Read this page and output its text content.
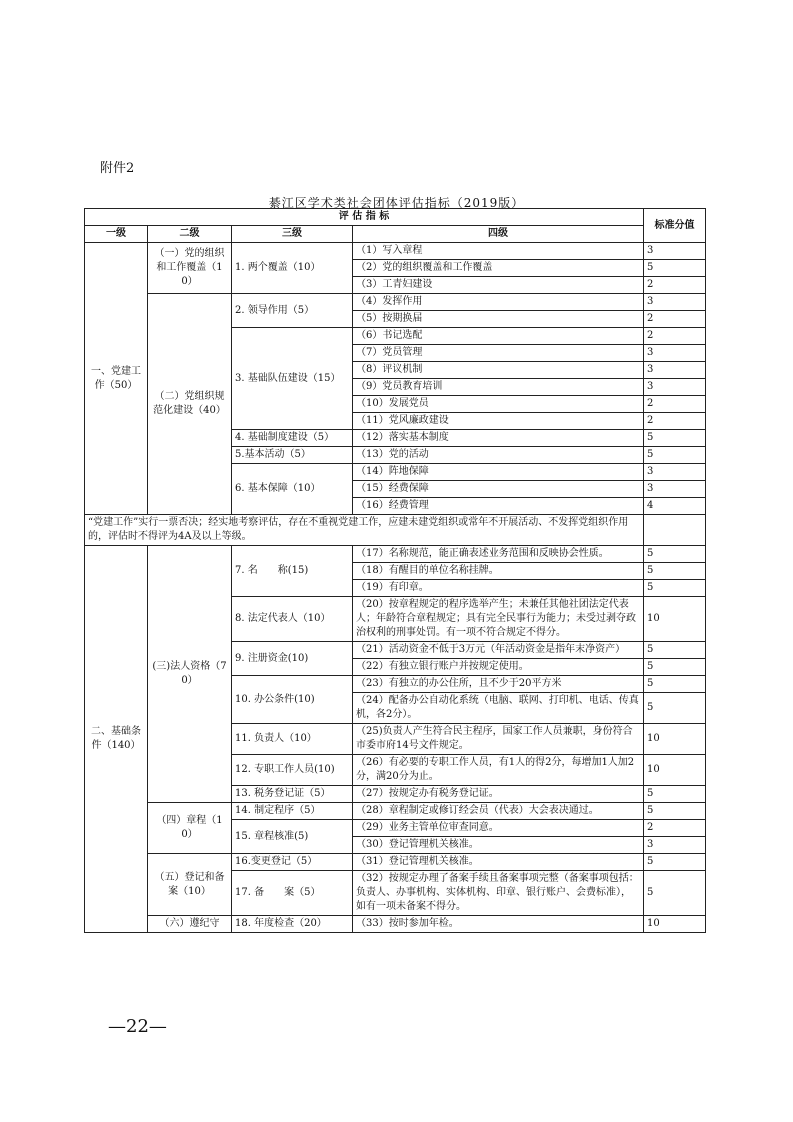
附件2
綦江区学术类社会团体评估指标（2019版）
评 估 指 标				标准分值
一级	二级	三级	四级	
一、党建工作（50）	（一）党的组织和工作覆盖（10）	1. 两个覆盖（10）	（1）写入章程	3
			（2）党的组织覆盖和工作覆盖	5
			（3）工青妇建设	2
	（二）党组织规范化建设（40）	2. 领导作用（5）	（4）发挥作用	3
			（5）按期换届	2
		3. 基础队伍建设（15）	（6）书记选配	2
			（7）党员管理	3
			（8）评议机制	3
			（9）党员教育培训	3
			（10）发展党员	2
			（11）党风廉政建设	2
		4. 基础制度建设（5）	（12）落实基本制度	5
		5.基本活动（5）	（13）党的活动	5
		6. 基本保障（10）	（14）阵地保障	3
			（15）经费保障	3
			（16）经费管理	4
“党建工作”实行一票否决；经实地考察评估，存在不重视党建工作，应建未建党组织或常年不开展活动、不发挥党组织作用的，评估时不得评为4A及以上等级。				
二、基础条件（140）	(三)法人资格（70）	7. 名　　称(15)	（17）名称规范，能正确表述业务范围和反映协会性质。	5
			（18）有醒目的单位名称挂牌。	5
			（19）有印章。	5
		8. 法定代表人（10）	（20）按章程规定的程序选举产生；未兼任其他社团法定代表人；年龄符合章程规定；具有完全民事行为能力；未受过剥夺政治权利的刑事处罚。有一项不符合规定不得分。	10
		9. 注册资金(10)	（21）活动资金不低于3万元（年活动资金是指年末净资产）	5
			（22）有独立银行账户并按规定使用。	5
		10. 办公条件(10)	（23）有独立的办公住所，且不少于20平方米	5
			（24）配备办公自动化系统（电脑、联网、打印机、电话、传真机，各2分）。	5
		11. 负责人（10）	（25)负责人产生符合民主程序，国家工作人员兼职，身份符合市委市府14号文件规定。	10
		12. 专职工作人员(10)	（26）有必要的专职工作人员，有1人的得2分，每增加1人加2分，满20分为止。	10
		13. 税务登记证（5）	（27）按规定办有税务登记证。	5
	（四）章程（10）	14. 制定程序（5）	（28）章程制定或修订经会员（代表）大会表决通过。	5
		15. 章程核准(5)	（29）业务主管单位审查同意。	2
			（30）登记管理机关核准。	3
	（五）登记和备案（10）	16.变更登记（5）	（31）登记管理机关核准。	5
		17. 备　　案（5）	（32）按规定办理了备案手续且备案事项完整（备案事项包括：负责人、办事机构、实体机构、印章、银行账户、会费标准），如有一项未备案不得分。	5
	（六）遵纪守	18. 年度检查（20）	（33）按时参加年检。	10
—22—
